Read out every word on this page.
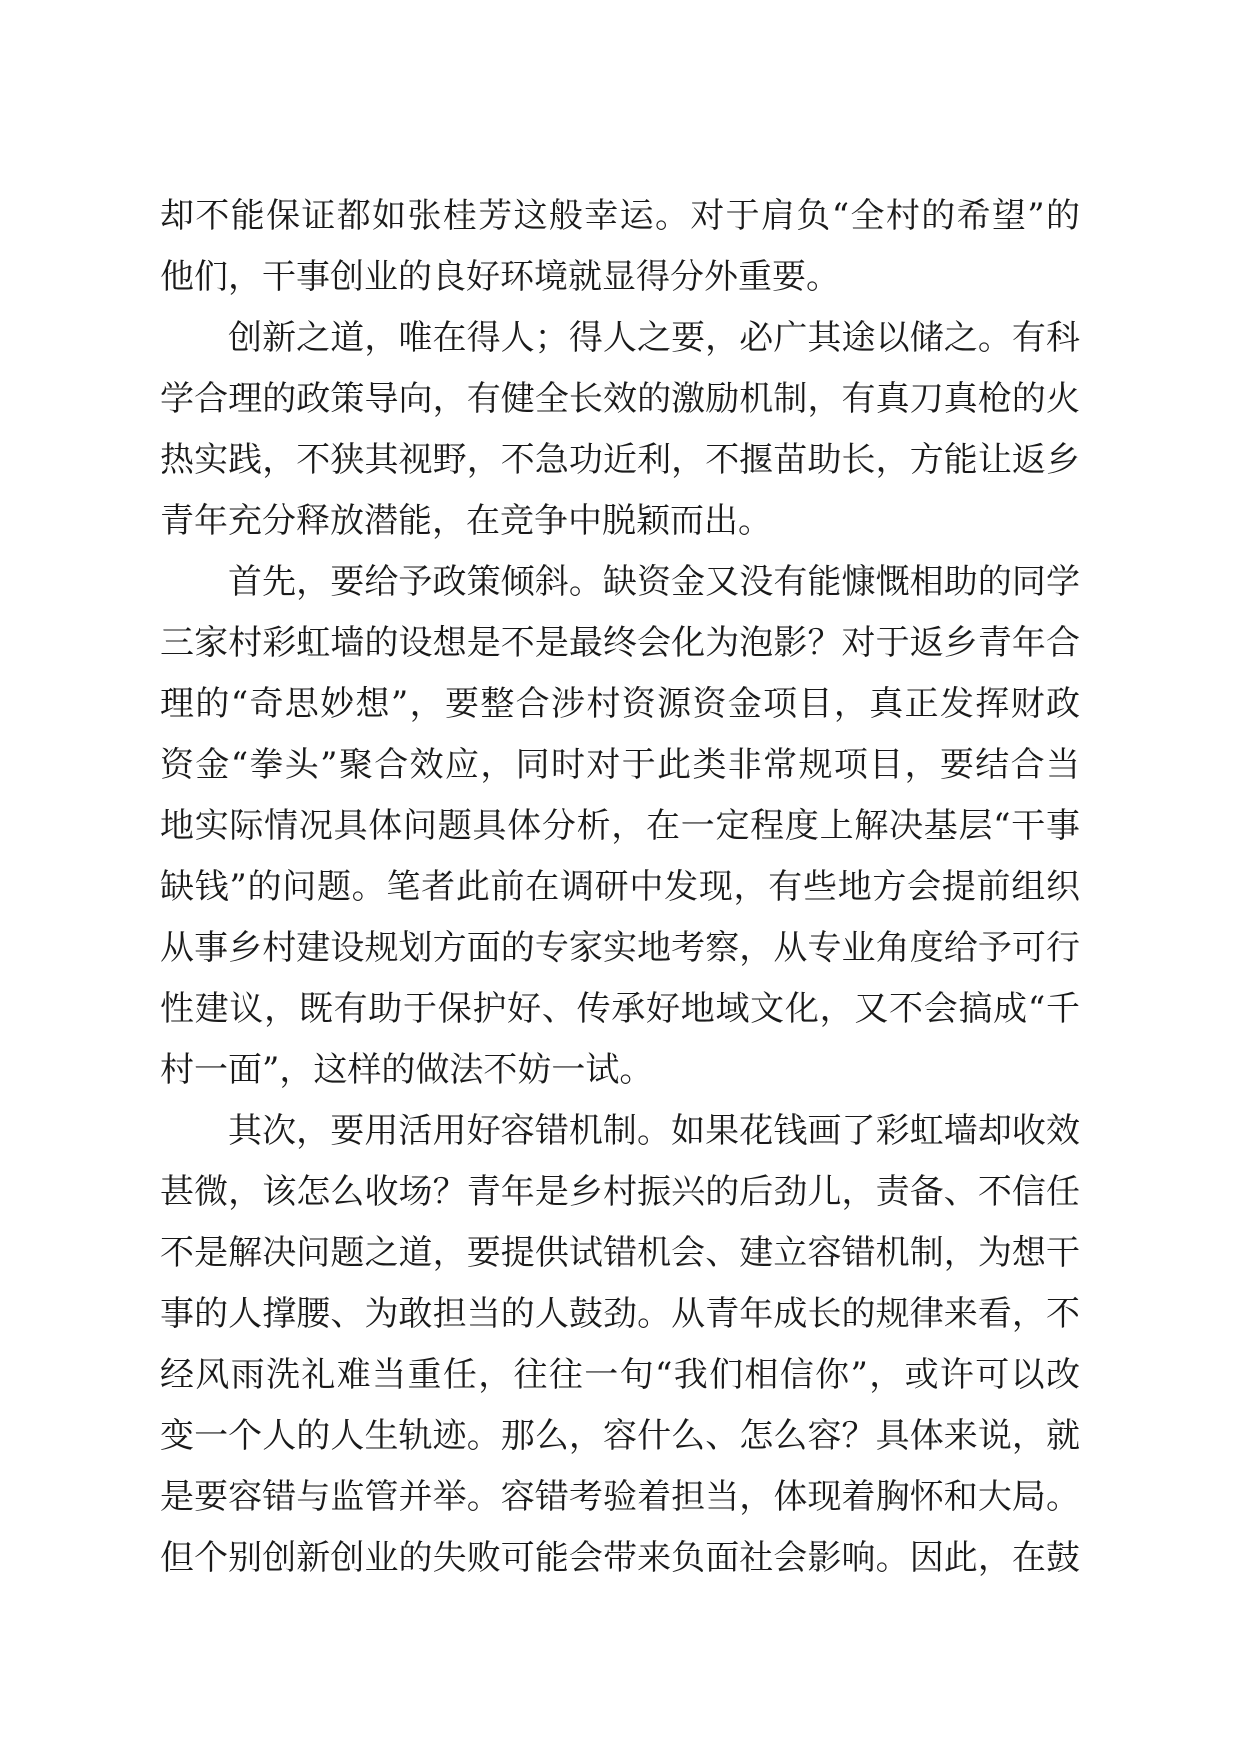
却不能保证都如张桂芳这般幸运。对于肩负“全村的希望”的
他们，干事创业的良好环境就显得分外重要。
创新之道，唯在得人；得人之要，必广其途以储之。有科
学合理的政策导向，有健全长效的激励机制，有真刀真枪的火
热实践，不狭其视野，不急功近利，不揠苗助长，方能让返乡
青年充分释放潜能，在竞争中脱颖而出。
首先，要给予政策倾斜。缺资金又没有能慷慨相助的同学
三家村彩虹墙的设想是不是最终会化为泡影？对于返乡青年合
理的“奇思妙想”，要整合涉村资源资金项目，真正发挥财政
资金“拳头”聚合效应，同时对于此类非常规项目，要结合当
地实际情况具体问题具体分析，在一定程度上解决基层“干事
缺钱”的问题。笔者此前在调研中发现，有些地方会提前组织
从事乡村建设规划方面的专家实地考察，从专业角度给予可行
性建议，既有助于保护好、传承好地域文化，又不会搞成“千
村一面”，这样的做法不妨一试。
其次，要用活用好容错机制。如果花钱画了彩虹墙却收效
甚微，该怎么收场？青年是乡村振兴的后劲儿，责备、不信任
不是解决问题之道，要提供试错机会、建立容错机制，为想干
事的人撑腰、为敢担当的人鼓劲。从青年成长的规律来看，不
经风雨洗礼难当重任，往往一句“我们相信你”，或许可以改
变一个人的人生轨迹。那么，容什么、怎么容？具体来说，就
是要容错与监管并举。容错考验着担当，体现着胸怀和大局。
但个别创新创业的失败可能会带来负面社会影响。因此，在鼓
